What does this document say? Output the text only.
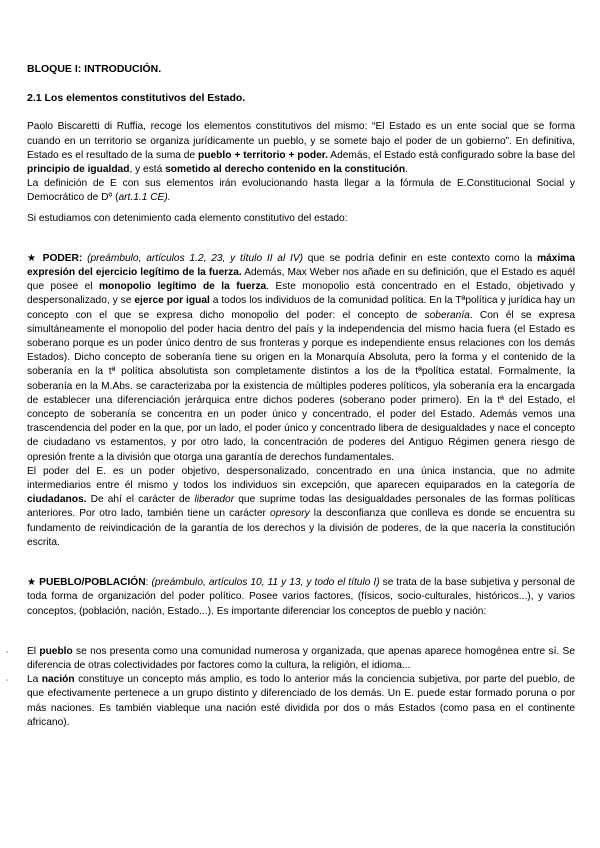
BLOQUE I: INTRODUCIÓN.
2.1 Los elementos constitutivos del Estado.

Paolo Biscaretti di Ruffia, recoge los elementos constitutivos del mismo: “El Estado es un ente social que se forma cuando en un territorio se organiza jurídicamente un pueblo, y se somete bajo el poder de un gobierno”. En definitiva, Estado es el resultado de la suma de pueblo + territorio + poder. Además, el Estado está configurado sobre la base del principio de igualdad, y está sometido al derecho contenido en la constitución.

La definición de E con sus elementos irán evolucionando hasta llegar a la fórmula de E.Constitucional Social y Democrático de Dº (art.1.1 CE).

Si estudiamos con detenimiento cada elemento constitutivo del estado:

★ PODER: (preámbulo, artículos 1.2, 23, y título II al IV) que se podría definir en este contexto como la máxima expresión del ejercicio legítimo de la fuerza. Además, Max Weber nos añade en su definición, que el Estado es aquél que posee el monopolio legítimo de la fuerza. Este monopolio está concentrado en el Estado, objetivado y despersonalizado, y se ejerce por igual a todos los individuos de la comunidad política. En la Tªpolítica y jurídica hay un concepto con el que se expresa dicho monopolio del poder: el concepto de soberanía. Con él se expresa simultáneamente el monopolio del poder hacia dentro del país y la independencia del mismo hacia fuera (el Estado es soberano porque es un poder único dentro de sus fronteras y porque es independiente ensus relaciones con los demás Estados). Dicho concepto de soberanía tiene su origen en la Monarquía Absoluta, pero la forma y el contenido de la soberanía en la tª política absolutista son completamente distintos a los de la tªpolítica estatal. Formalmente, la soberanía en la M.Abs. se caracterizaba por la existencia de múltiples poderes políticos, yla soberanía era la encargada de establecer una diferenciación jerárquica entre dichos poderes (soberano poder primero). En la tª del Estado, el concepto de soberanía se concentra en un poder único y concentrado, el poder del Estado. Además vemos una trascendencia del poder en la que, por un lado, el poder único y concentrado libera de desigualdades y nace el concepto de ciudadano vs estamentos, y por otro lado, la concentración de poderes del Antiguo Régimen genera riesgo de opresión frente a la división que otorga una garantía de derechos fundamentales.

El poder del E. es un poder objetivo, despersonalizado, concentrado en una única instancia, que no admite intermediarios entre él mismo y todos los individuos sin excepción, que aparecen equiparados en la categoría de ciudadanos. De ahí el carácter de liberador que suprime todas las desigualdades personales de las formas políticas anteriores. Por otro lado, también tiene un carácter opresory la desconfianza que conlleva es donde se encuentra su fundamento de reivindicación de la garantía de los derechos y la división de poderes, de la que nacería la constitución escrita.

★ PUEBLO/POBLACIÓN: (preámbulo, artículos 10, 11 y 13, y todo el título I) se trata de la base subjetiva y personal de toda forma de organización del poder político. Posee varios factores, (físicos, socio-culturales, históricos...), y varios conceptos, (población, nación, Estado...). Es importante diferenciar los conceptos de pueblo y nación:

▫ El pueblo se nos presenta como una comunidad numerosa y organizada, que apenas aparece homogénea entre sí. Se diferencia de otras colectividades por factores como la cultura, la religión, el idioma...
▫ La nación constituye un concepto más amplio, es todo lo anterior más la conciencia subjetiva, por parte del pueblo, de que efectivamente pertenece a un grupo distinto y diferenciado de los demás. Un E. puede estar formado poruna o por más naciones. Es también viableque una nación esté dividida por dos o más Estados (como pasa en el continente africano).
